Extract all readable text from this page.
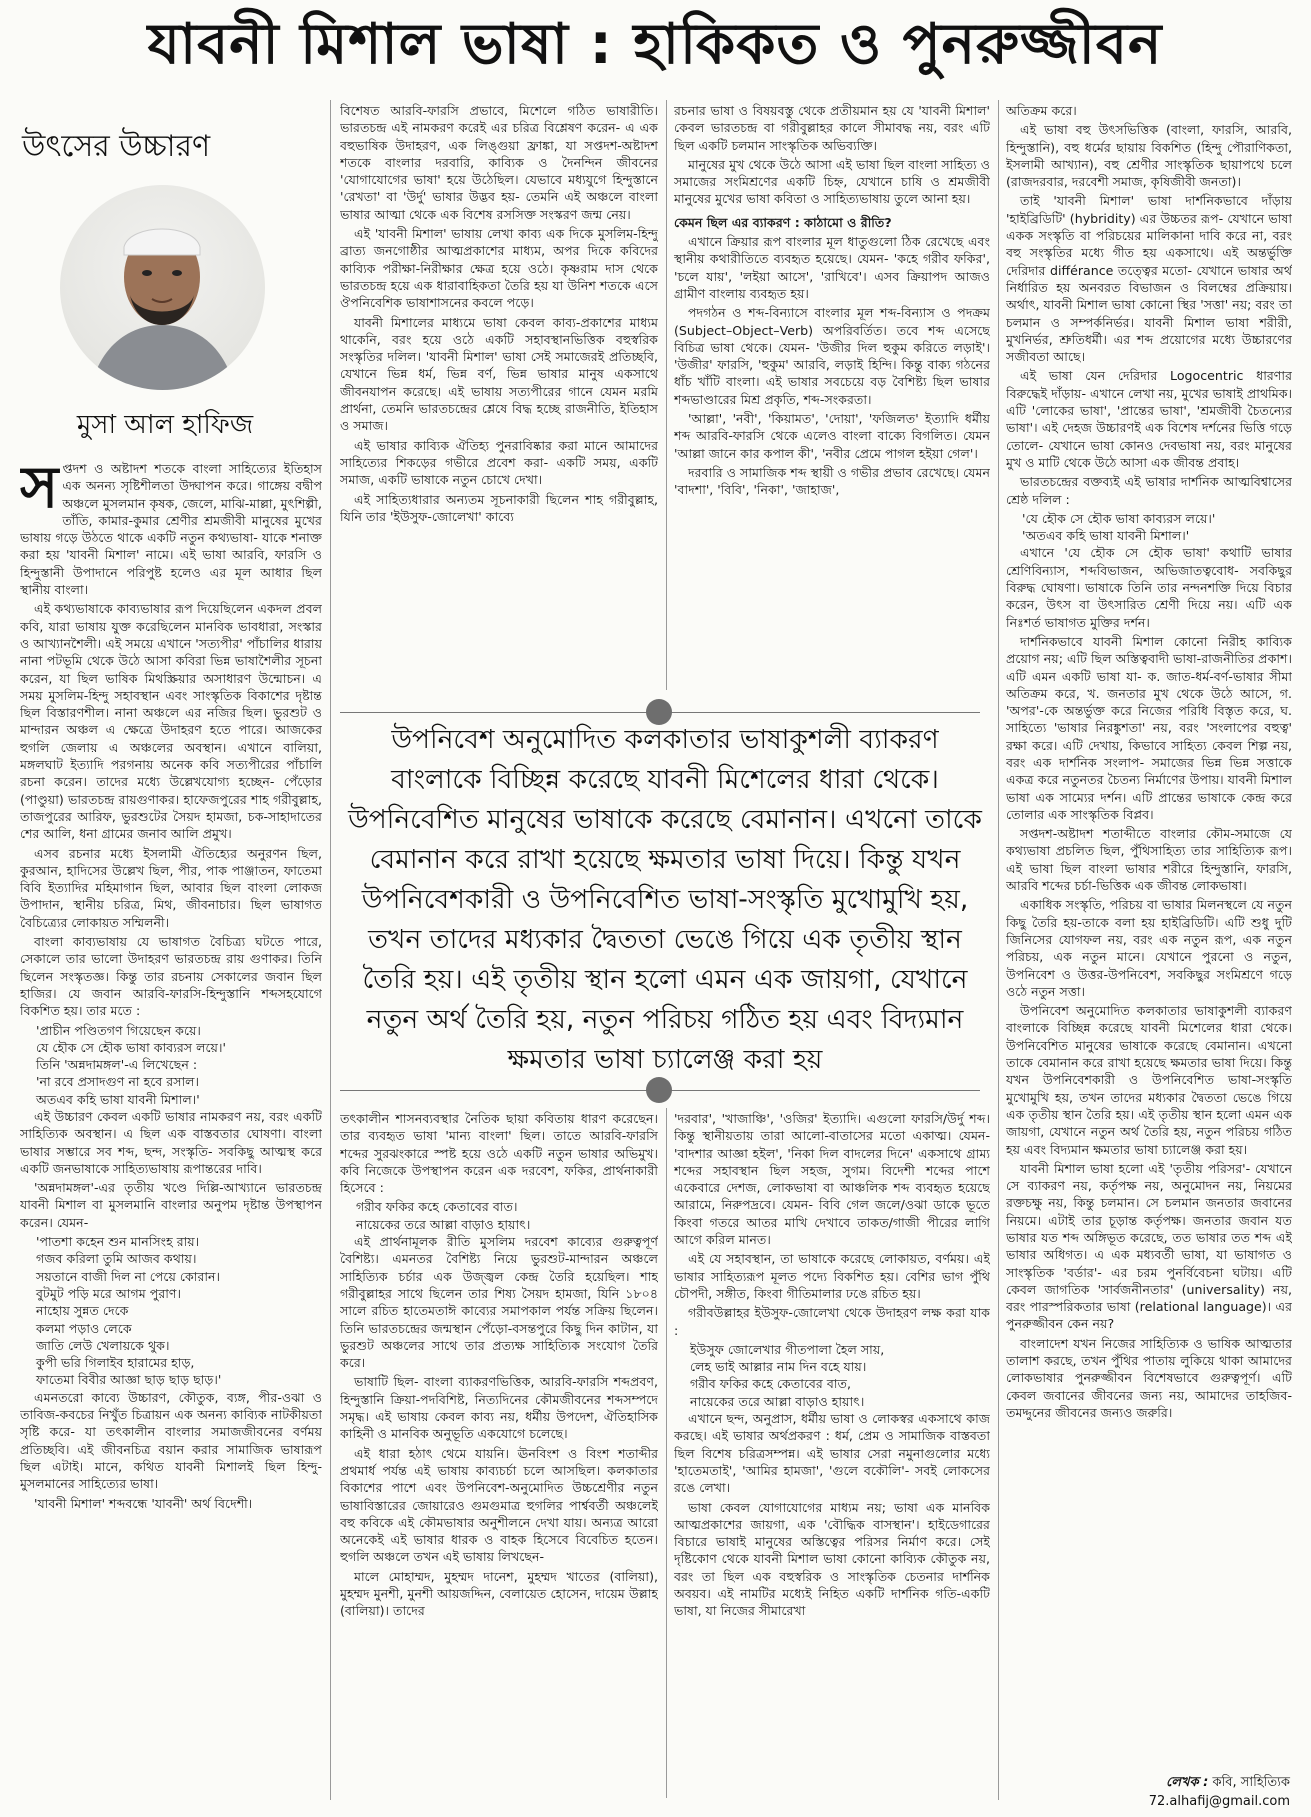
যাবনী মিশাল ভাষা : হাকিকত ও পুনরুজ্জীবন
উৎসের উচ্চারণ
মুসা আল হাফিজ

সপ্তদশ ও অষ্টাদশ শতকে বাংলা সাহিত্যের ইতিহাস এক অনন্য সৃষ্টিশীলতা উদ্ঘাপন করে। গাঙ্গেয় বদ্বীপ অঞ্চলে মুসলমান কৃষক, জেলে, মাঝি-মাল্লা, মুৎশিল্পী, তাঁতি, কামার-কুমার শ্রেণীর শ্রমজীবী মানুষের মুখের ভাষায় গড়ে উঠতে থাকে একটি নতুন কথ্যভাষা- যাকে শনাক্ত করা হয় 'যাবনী মিশাল' নামে। এই ভাষা আরবি, ফারসি ও হিন্দুস্তানী উপাদানে পরিপুষ্ট হলেও এর মূল আধার ছিল স্থানীয় বাংলা।

এই কথ্যভাষাকে কাব্যভাষার রূপ দিয়েছিলেন একদল প্রবল কবি, যারা ভাষায় যুক্ত করেছিলেন মানবিক ভাবধারা, সংস্কার ও আখ্যানশৈলী। এই সময়ে এখানে 'সত্যপীর' পাঁচালির ধারায় নানা পটভূমি থেকে উঠে আসা কবিরা ভিন্ন ভাষাশৈলীর সূচনা করেন, যা ছিল ভাষিক মিথস্ক্রিয়ার অসাধারণ উন্মোচন। এ সময় মুসলিম-হিন্দু সহাবস্থান এবং সাংস্কৃতিক বিকাশের দৃষ্টান্ত ছিল বিস্তারণশীল। নানা অঞ্চলে এর নজির ছিল। ভুরশুট ও মান্দারন অঞ্চল এ ক্ষেত্রে উদাহরণ হতে পারে। আজকের হুগলি জেলায় এ অঞ্চলের অবস্থান। এখানে বালিয়া, মঙ্গলঘাট ইত্যাদি পরগনায় অনেক কবি সত্যপীরের পাঁচালি রচনা করেন। তাদের মধ্যে উল্লেখযোগ্য হচ্ছেন- পেঁড়োর (পাণ্ডুয়া) ভারতচন্দ্র রায়গুণাকর। হাফেজপুরের শাহ গরীবুল্লাহ, তাজপুরের আরিফ, ভুরশুটের সৈয়দ হামজা, চক-সাহাদাতের শের আলি, ধনা গ্রামের জনাব আলি প্রমুখ।

এসব রচনার মধ্যে ইসলামী ঐতিহ্যের অনুরণন ছিল, কুরআন, হাদিসের উল্লেখ ছিল, পীর, পাক পাঞ্জাতন, ফাতেমা বিবি ইত্যাদির মহিমাগান ছিল, আবার ছিল বাংলা লোকজ উপাদান, স্থানীয় চরিত্র, মিথ, জীবনাচার। ছিল ভাষাগত বৈচিত্র্যের লোকায়ত সম্মিলনী।

বাংলা কাব্যভাষায় যে ভাষাগত বৈচিত্র্য ঘটতে পারে, সেকালে তার ভালো উদাহরণ ভারতচন্দ্র রায় গুণাকর। তিনি ছিলেন সংস্কৃতজ্ঞ। কিন্তু তার রচনায় সেকালের জবান ছিল হাজির। যে জবান আরবি-ফারসি-হিন্দুস্তানি শব্দসহযোগে বিকশিত হয়। তার মতে :

'প্রাচীন পণ্ডিতগণ গিয়েছেন কয়ে।

যে হৌক সে হৌক ভাষা কাব্যরস লয়ে।'

তিনি 'অন্নদামঙ্গল'-এ লিখেছেন :

'না রবে প্রসাদগুণ না হবে রসাল।

অতএব কহি ভাষা যাবনী মিশাল।'

এই উচ্চারণ কেবল একটি ভাষার নামকরণ নয়, বরং একটি সাহিত্যিক অবস্থান। এ ছিল এক বাস্তবতার ঘোষণা। বাংলা ভাষার সম্ভারে সব শব্দ, ছন্দ, সংস্কৃতি- সবকিছু আত্মস্থ করে একটি জনভাষাকে সাহিত্যভাষায় রূপান্তরের দাবি।

'অন্নদামঙ্গল'-এর তৃতীয় খণ্ডে দিল্লি-আখ্যানে ভারতচন্দ্র যাবনী মিশাল বা মুসলমানি বাংলার অনুপম দৃষ্টান্ত উপস্থাপন করেন। যেমন-

'পাতশা কহেন শুন মানসিংহ রায়।

গজব করিলা তুমি আজব কথায়।

সয়তানে বাজী দিল না পেয়ে কোরান।

বুটমুট পড়ি মরে আগম পুরাণ।

নাহোয় সুন্নত দেকে

কলমা পড়াও লেকে

জাতি লেউ খেলায়কে থুক।

কুপী ভরি গিলাইব হারামের হাড়,

ফাতেমা বিবীর আজ্ঞা ছাড় ছাড় ছাড়।'

এমনতরো কাব্যে উচ্চারণ, কৌতুক, ব্যঙ্গ, পীর-ওঝা ও তাবিজ-কবচের নিখুঁত চিত্রায়ন এক অনন্য কাব্যিক নাটকীয়তা সৃষ্টি করে- যা তৎকালীন বাংলার সমাজজীবনের বর্ণময় প্রতিচ্ছবি। এই জীবনচিত্র বয়ান করার সামাজিক ভাষারূপ ছিল এটাই। মানে, কথিত যাবনী মিশালই ছিল হিন্দু-মুসলমানের সাহিত্যের ভাষা।

'যাবনী মিশাল' শব্দবন্ধে 'যাবনী' অর্থ বিদেশী।

বিশেষত আরবি-ফারসি প্রভাবে, মিশেলে গঠিত ভাষারীতি। ভারতচন্দ্র এই নামকরণ করেই এর চরিত্র বিশ্লেষণ করেন- এ এক বহুভাষিক উদাহরণ, এক লিঙ্গুয়া ফ্রাঙ্কা, যা সপ্তদশ-অষ্টাদশ শতকে বাংলার দরবারি, কাব্যিক ও দৈনন্দিন জীবনের 'যোগাযোগের ভাষা' হয়ে উঠেছিল। যেভাবে মধ্যযুগে হিন্দুস্তানে 'রেখতা' বা 'উর্দু' ভাষার উদ্ভব হয়- তেমনি এই অঞ্চলে বাংলা ভাষার আত্মা থেকে এক বিশেষ রসসিক্ত সংস্করণ জন্ম নেয়।

এই 'যাবনী মিশাল' ভাষায় লেখা কাব্য এক দিকে মুসলিম-হিন্দু ব্রাত্য জনগোষ্ঠীর আত্মপ্রকাশের মাধ্যম, অপর দিকে কবিদের কাব্যিক পরীক্ষা-নিরীক্ষার ক্ষেত্র হয়ে ওঠে। কৃষ্ণরাম দাস থেকে ভারতচন্দ্র হয়ে এক ধারাবাহিকতা তৈরি হয় যা উনিশ শতকে এসে ঔপনিবেশিক ভাষাশাসনের কবলে পড়ে।

যাবনী মিশালের মাধ্যমে ভাষা কেবল কাব্য-প্রকাশের মাধ্যম থাকেনি, বরং হয়ে ওঠে একটি সহাবস্থানভিত্তিক বহুস্বরিক সংস্কৃতির দলিল। 'যাবনী মিশাল' ভাষা সেই সমাজেরই প্রতিচ্ছবি, যেখানে ভিন্ন ধর্ম, ভিন্ন বর্ণ, ভিন্ন ভাষার মানুষ একসাথে জীবনযাপন করেছে। এই ভাষায় সত্যপীরের গানে যেমন মরমি প্রার্থনা, তেমনি ভারতচন্দ্রের শ্লেষে বিদ্ধ হচ্ছে রাজনীতি, ইতিহাস ও সমাজ।

এই ভাষার কাব্যিক ঐতিহ্য পুনরাবিষ্কার করা মানে আমাদের সাহিত্যের শিকড়ের গভীরে প্রবেশ করা- একটি সময়, একটি সমাজ, একটি ভাষাকে নতুন চোখে দেখা।

এই সাহিত্যধারার অন্যতম সূচনাকারী ছিলেন শাহ গরীবুল্লাহ, যিনি তার 'ইউসুফ-জোলেখা' কাব্যে

রচনার ভাষা ও বিষয়বস্তু থেকে প্রতীয়মান হয় যে 'যাবনী মিশাল' কেবল ভারতচন্দ্র বা গরীবুল্লাহর কালে সীমাবদ্ধ নয়, বরং এটি ছিল একটি চলমান সাংস্কৃতিক অভিব্যক্তি।

মানুষের মুখ থেকে উঠে আসা এই ভাষা ছিল বাংলা সাহিত্য ও সমাজের সংমিশ্রণের একটি চিহ্ন, যেখানে চাষি ও শ্রমজীবী মানুষের মুখের ভাষা কবিতা ও সাহিত্যভাষায় তুলে আনা হয়।

কেমন ছিল এর ব্যাকরণ : কাঠামো ও রীতি?

এখানে ক্রিয়ার রূপ বাংলার মূল ধাতুগুলো ঠিক রেখেছে এবং স্থানীয় কথারীতিতে ব্যবহৃত হয়েছে। যেমন- 'কহে গরীব ফকির', 'চলে যায়', 'লইয়া আসে', 'রাখিবে'। এসব ক্রিয়াপদ আজও গ্রামীণ বাংলায় ব্যবহৃত হয়।

পদগঠন ও শব্দ-বিন্যাসে বাংলার মূল শব্দ-বিন্যাস ও পদক্রম (Subject–Object–Verb) অপরিবর্তিত। তবে শব্দ এসেছে বিচিত্র ভাষা থেকে। যেমন- 'উজীর দিল হুকুম করিতে লড়াই'। 'উজীর' ফারসি, 'হুকুম' আরবি, লড়াই হিন্দি। কিন্তু বাক্য গঠনের ধাঁচ খাঁটি বাংলা। এই ভাষার সবচেয়ে বড় বৈশিষ্ট্য ছিল ভাষার শব্দভাণ্ডারের মিশ্র প্রকৃতি, শব্দ-সংকরতা।

'আল্লা', 'নবী', 'কিয়ামত', 'দোয়া', 'ফজিলত' ইত্যাদি ধর্মীয় শব্দ আরবি-ফারসি থেকে এলেও বাংলা বাক্যে বিগলিত। যেমন 'আল্লা জানে কার কপাল কী', 'নবীর প্রেমে পাগল হইয়া গেল'।

দরবারি ও সামাজিক শব্দ স্থায়ী ও গভীর প্রভাব রেখেছে। যেমন 'বাদশা', 'বিবি', 'নিকা', 'জাহাজ',

উপনিবেশ অনুমোদিত কলকাতার ভাষাকুশলী ব্যাকরণ বাংলাকে বিচ্ছিন্ন করেছে যাবনী মিশেলের ধারা থেকে। উপনিবেশিত মানুষের ভাষাকে করেছে বেমানান। এখনো তাকে বেমানান করে রাখা হয়েছে ক্ষমতার ভাষা দিয়ে। কিন্তু যখন উপনিবেশকারী ও উপনিবেশিত ভাষা-সংস্কৃতি মুখোমুখি হয়, তখন তাদের মধ্যকার দ্বৈততা ভেঙে গিয়ে এক তৃতীয় স্থান তৈরি হয়। এই তৃতীয় স্থান হলো এমন এক জায়গা, যেখানে নতুন অর্থ তৈরি হয়, নতুন পরিচয় গঠিত হয় এবং বিদ্যমান ক্ষমতার ভাষা চ্যালেঞ্জ করা হয়

তৎকালীন শাসনব্যবস্থার নৈতিক ছায়া কবিতায় ধারণ করেছেন। তার ব্যবহৃত ভাষা 'মান্য বাংলা' ছিল। তাতে আরবি-ফারসি শব্দের সুরঝংকারে স্পষ্ট হয়ে ওঠে একটি নতুন ভাষার অভিমুখ। কবি নিজেকে উপস্থাপন করেন এক দরবেশ, ফকির, প্রার্থনাকারী হিসেবে :

গরীব ফকির কহে কেতাবের বাত।

নায়েকের তরে আল্লা বাড়াও হায়াৎ।

এই প্রার্থনামূলক রীতি মুসলিম দরবেশ কাব্যের গুরুত্বপূর্ণ বৈশিষ্ট্য। এমনতর বৈশিষ্ট্য নিয়ে ভুরশুট-মান্দারন অঞ্চলে সাহিত্যিক চর্চার এক উজ্জ্বল কেন্দ্র তৈরি হয়েছিল। শাহ গরীবুল্লাহর সাথে ছিলেন তার শিষ্য সৈয়দ হামজা, যিনি ১৮০৪ সালে রচিত হাতেমতাঈ কাব্যের সমাপকাল পর্যন্ত সক্রিয় ছিলেন। তিনি ভারতচন্দ্রের জন্মস্থান পেঁড়ো-বসন্তপুরে কিছু দিন কাটান, যা ভুরশুট অঞ্চলের সাথে তার প্রত্যক্ষ সাহিত্যিক সংযোগ তৈরি করে।

ভাষাটি ছিল- বাংলা ব্যাকরণভিত্তিক, আরবি-ফারসি শব্দপ্রবণ, হিন্দুস্তানি ক্রিয়া-পদবিশিষ্ট, নিত্যদিনের কৌমজীবনের শব্দসম্পদে সমৃদ্ধ। এই ভাষায় কেবল কাব্য নয়, ধর্মীয় উপদেশ, ঐতিহাসিক কাহিনী ও মানবিক অনুভূতি একযোগে চলেছে।

এই ধারা হঠাৎ থেমে যায়নি। ঊনবিংশ ও বিংশ শতাব্দীর প্রথমার্ধ পর্যন্ত এই ভাষায় কাব্যচর্চা চলে আসছিল। কলকাতার বিকাশের পাশে এবং উপনিবেশ-অনুমোদিত উচ্চশ্রেণীর নতুন ভাষাবিস্তারের জোয়ারেও গুমগুমাত্র হুগলির পার্শ্ববর্তী অঞ্চলেই বহু কবিকে এই কৌমভাষার অনুশীলনে দেখা যায়। অন্যত্র আরো অনেকেই এই ভাষার ধারক ও বাহক হিসেবে বিবেচিত হতেন। হুগলি অঞ্চলে তখন এই ভাষায় লিখছেন-

মালে মোহাম্মদ, মুহম্মদ দানেশ, মুহম্মদ খাতের (বালিয়া), মুহম্মদ মুনশী, মুনশী আয়জদ্দিন, বেলায়েত হোসেন, দায়েম উল্লাহ (বালিয়া)। তাদের

'দরবার', 'খাজাঞ্চি', 'ওজির' ইত্যাদি। এগুলো ফারসি/উর্দু শব্দ। কিন্তু স্থানীয়তায় তারা আলো-বাতাসের মতো একাত্ম। যেমন- 'বাদশার আজ্ঞা হইল', 'নিকা দিল বাদলের দিনে' একসাথে গ্রাম্য শব্দের সহাবস্থান ছিল সহজ, সুগম। বিদেশী শব্দের পাশে একেবারে দেশজ, লোকভাষা বা আঞ্চলিক শব্দ ব্যবহৃত হয়েছে আরামে, নিরুপদ্রবে। যেমন- বিবি গেল জলে/ওঝা ডাকে ভূতে কিংবা গতরে আতর মাখি দেখাবে তাকত/গাজী পীরের লাগি আগে করিল মানত।

এই যে সহাবস্থান, তা ভাষাকে করেছে লোকায়ত, বর্ণময়। এই ভাষার সাহিত্যরূপ মূলত পদ্যে বিকশিত হয়। বেশির ভাগ পুঁথি চৌপদী, সঙ্গীত, কিংবা গীতিমালার ঢঙে রচিত হয়।

গরীবউল্লাহর ইউসুফ-জোলেখা থেকে উদাহরণ লক্ষ করা যাক :

ইউসুফ জোলেখার গীতপালা হৈল সায়,

লেহ ভাই আল্লার নাম দিন বহে যায়।

গরীব ফকির কহে কেতাবের বাত,

নায়েকের তরে আল্লা বাড়াও হায়াৎ।

এখানে ছন্দ, অনুপ্রাস, ধর্মীয় ভাষা ও লোকস্বর একসাথে কাজ করছে। এই ভাষার অর্থপ্রকরণ : ধর্ম, প্রেম ও সামাজিক বাস্তবতা ছিল বিশেষ চরিত্রসম্পন্ন। এই ভাষার সেরা নমুনাগুলোর মধ্যে 'হাতেমতাই', 'আমির হামজা', 'গুলে বকৌলি'- সবই লোকসের রঙে লেখা।

ভাষা কেবল যোগাযোগের মাধ্যম নয়; ভাষা এক মানবিক আত্মপ্রকাশের জায়গা, এক 'বৌদ্ধিক বাসস্থান'। হাইডেগারের বিচারে ভাষাই মানুষের অস্তিত্বের পরিসর নির্মাণ করে। সেই দৃষ্টিকোণ থেকে যাবনী মিশাল ভাষা কোনো কাব্যিক কৌতুক নয়, বরং তা ছিল এক বহুস্বরিক ও সাংস্কৃতিক চেতনার দার্শনিক অবয়ব। এই নামটির মধ্যেই নিহিত একটি দার্শনিক গতি-একটি ভাষা, যা নিজের সীমারেখা

অতিক্রম করে।

এই ভাষা বহু উৎসভিত্তিক (বাংলা, ফারসি, আরবি, হিন্দুস্তানি), বহু ধর্মের ছায়ায় বিকশিত (হিন্দু পৌরাণিকতা, ইসলামী আখ্যান), বহু শ্রেণীর সাংস্কৃতিক ছায়াপথে চলে (রাজদরবার, দরবেশী সমাজ, কৃষিজীবী জনতা)।

তাই 'যাবনী মিশাল' ভাষা দার্শনিকভাবে দাঁড়ায় 'হাইব্রিডিটি' (hybridity) এর উচ্চতর রূপ- যেখানে ভাষা একক সংস্কৃতি বা পরিচয়ের মালিকানা দাবি করে না, বরং বহু সংস্কৃতির মধ্যে গীত হয় একসাথে। এই অন্তর্ভুক্তি দেরিদার différance তত্ত্বের মতো- যেখানে ভাষার অর্থ নির্ধারিত হয় অনবরত বিভাজন ও বিলম্বের প্রক্রিয়ায়। অর্থাৎ, যাবনী মিশাল ভাষা কোনো স্থির 'সত্তা' নয়; বরং তা চলমান ও সম্পর্কনির্ভর। যাবনী মিশাল ভাষা শরীরী, মুখনির্ভর, শ্রুতিধর্মী। এর শব্দ প্রয়োগের মধ্যে উচ্চারণের সজীবতা আছে।

এই ভাষা যেন দেরিদার Logocentric ধারণার বিরুদ্ধেই দাঁড়ায়- এখানে লেখা নয়, মুখের ভাষাই প্রাথমিক। এটি 'লোকের ভাষা', 'প্রান্তের ভাষা', 'শ্রমজীবী চৈতন্যের ভাষা'। এই দেহজ উচ্চারণই এক বিশেষ দর্শনের ভিত্তি গড়ে তোলে- যেখানে ভাষা কোনও দেবভাষা নয়, বরং মানুষের মুখ ও মাটি থেকে উঠে আসা এক জীবন্ত প্রবাহ।

ভারতচন্দ্রের বক্তব্যই এই ভাষার দার্শনিক আত্মবিশ্বাসের শ্রেষ্ঠ দলিল :

'যে হৌক সে হৌক ভাষা কাব্যরস লয়ে।'

'অতএব কহি ভাষা যাবনী মিশাল।'

এখানে 'যে হৌক সে হৌক ভাষা' কথাটি ভাষার শ্রেণিবিন্যাস, শব্দবিভাজন, অভিজাতত্ববোধ- সবকিছুর বিরুদ্ধ ঘোষণা। ভাষাকে তিনি তার নন্দনশক্তি দিয়ে বিচার করেন, উৎস বা উৎসারিত শ্রেণী দিয়ে নয়। এটি এক নিঃশর্ত ভাষাগত মুক্তির দর্শন।

দার্শনিকভাবে যাবনী মিশাল কোনো নিরীহ কাব্যিক প্রয়োগ নয়; এটি ছিল অস্তিত্ববাদী ভাষা-রাজনীতির প্রকাশ। এটি এমন একটি ভাষা যা- ক. জাত-ধর্ম-বর্ণ-ভাষার সীমা অতিক্রম করে, খ. জনতার মুখ থেকে উঠে আসে, গ. 'অপর'-কে অন্তর্ভুক্ত করে নিজের পরিধি বিস্তৃত করে, ঘ. সাহিত্যে 'ভাষার নিরঙ্কুশতা' নয়, বরং 'সংলাপের বহুত্ব' রক্ষা করে। এটি দেখায়, কিভাবে সাহিত্য কেবল শিল্প নয়, বরং এক দার্শনিক সংলাপ- সমাজের ভিন্ন ভিন্ন সত্তাকে একত্র করে নতুনতর চৈতন্য নির্মাণের উপায়। যাবনী মিশাল ভাষা এক সাম্যের দর্শন। এটি প্রান্তের ভাষাকে কেন্দ্র করে তোলার এক সাংস্কৃতিক বিপ্লব।

সপ্তদশ-অষ্টাদশ শতাব্দীতে বাংলার কৌম-সমাজে যে কথ্যভাষা প্রচলিত ছিল, পুঁথিসাহিত্য তার সাহিত্যিক রূপ। এই ভাষা ছিল বাংলা ভাষার শরীরে হিন্দুস্তানি, ফারসি, আরবি শব্দের চর্চা-ভিত্তিক এক জীবন্ত লোকভাষা।

একাধিক সংস্কৃতি, পরিচয় বা ভাষার মিলনস্থলে যে নতুন কিছু তৈরি হয়-তাকে বলা হয় হাইব্রিডিটি। এটি শুধু দুটি জিনিসের যোগফল নয়, বরং এক নতুন রূপ, এক নতুন পরিচয়, এক নতুন মানে। যেখানে পুরনো ও নতুন, উপনিবেশ ও উত্তর-উপনিবেশ, সবকিছুর সংমিশ্রণে গড়ে ওঠে নতুন সত্তা।

উপনিবেশ অনুমোদিত কলকাতার ভাষাকুশলী ব্যাকরণ বাংলাকে বিচ্ছিন্ন করেছে যাবনী মিশেলের ধারা থেকে। উপনিবেশিত মানুষের ভাষাকে করেছে বেমানান। এখনো তাকে বেমানান করে রাখা হয়েছে ক্ষমতার ভাষা দিয়ে। কিন্তু যখন উপনিবেশকারী ও উপনিবেশিত ভাষা-সংস্কৃতি মুখোমুখি হয়, তখন তাদের মধ্যকার দ্বৈততা ভেঙে গিয়ে এক তৃতীয় স্থান তৈরি হয়। এই তৃতীয় স্থান হলো এমন এক জায়গা, যেখানে নতুন অর্থ তৈরি হয়, নতুন পরিচয় গঠিত হয় এবং বিদ্যমান ক্ষমতার ভাষা চ্যালেঞ্জ করা হয়।

যাবনী মিশাল ভাষা হলো এই 'তৃতীয় পরিসর'- যেখানে সে ব্যাকরণ নয়, কর্তৃপক্ষ নয়, অনুমোদন নয়, নিয়মের রক্তচক্ষু নয়, কিন্তু চলমান। সে চলমান জনতার জবানের নিয়মে। এটাই তার চূড়ান্ত কর্তৃপক্ষ। জনতার জবান যত ভাষার যত শব্দ অঙ্গিভূত করেছে, তত ভাষার তত শব্দ এই ভাষার অধিগত। এ এক মধ্যবর্তী ভাষা, যা ভাষাগত ও সাংস্কৃতিক 'বর্ডার'- এর চরম পুনর্বিবেচনা ঘটায়। এটি কেবল জাগতিক 'সার্বজনীনতার' (universality) নয়, বরং পারস্পরিকতার ভাষা (relational language)। এর পুনরুজ্জীবন কেন নয়?

বাংলাদেশ যখন নিজের সাহিত্যিক ও ভাষিক আত্মতার তালাশ করছে, তখন পুঁথির পাতায় লুকিয়ে থাকা আমাদের লোকভাষার পুনরুজ্জীবন বিশেষভাবে গুরুত্বপূর্ণ। এটি কেবল জবানের জীবনের জন্য নয়, আমাদের তাহজিব-তমদ্দুনের জীবনের জন্যও জরুরি।

লেখক : কবি, সাহিত্যিক
72.alhafij@gmail.com
